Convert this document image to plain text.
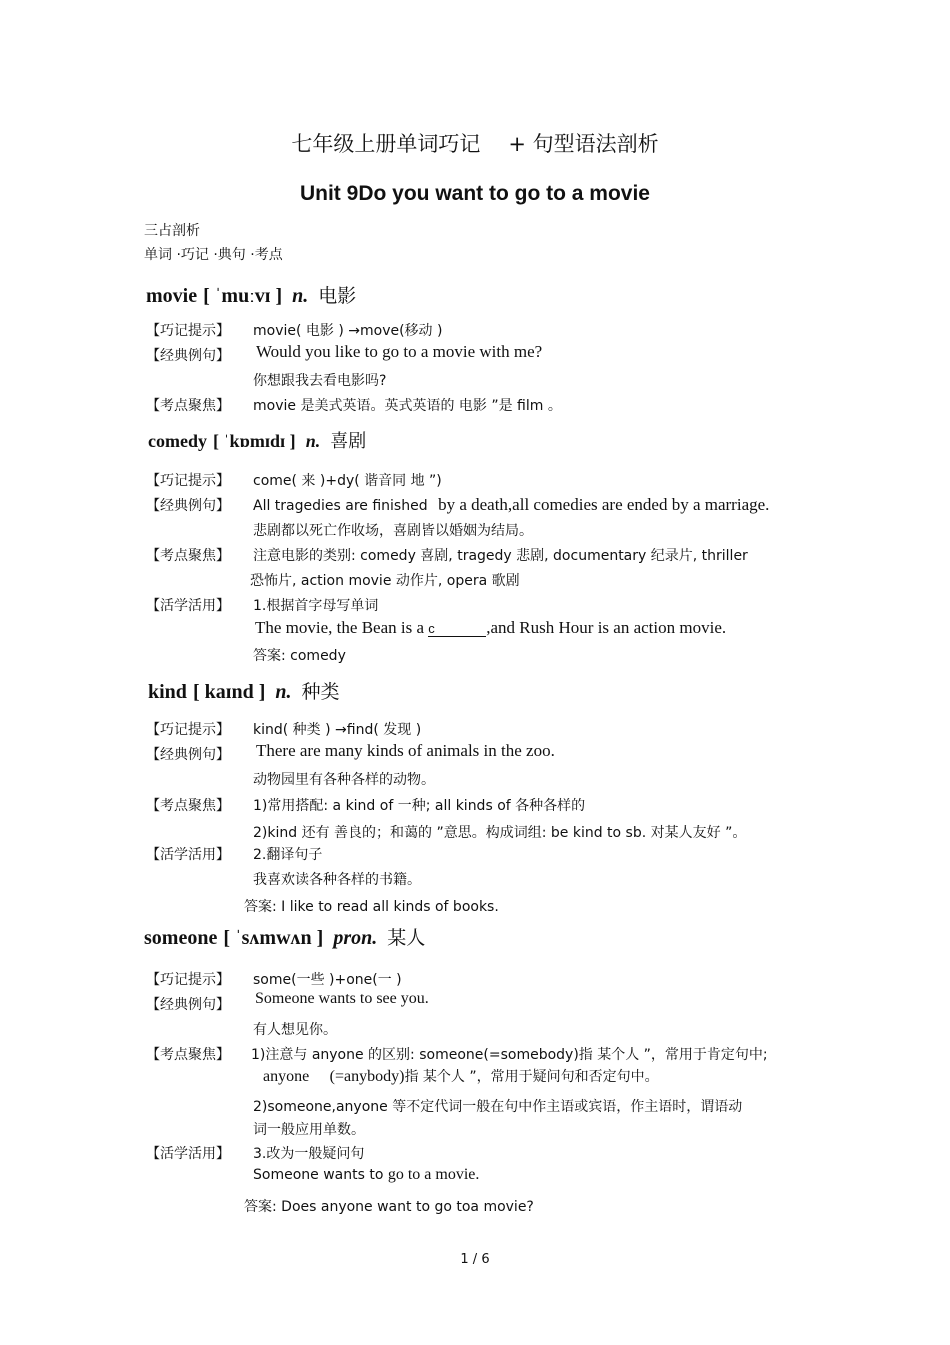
七年级上册单词巧记 + 句型语法剖析
Unit 9Do you want to go to a movie
三占剖析
单词 ·巧记 ·典句 ·考点
movie [ ˈmuːvɪ ] n. 电影
【巧记提示】 movie( 电影 ) →move(移动 )
【经典例句】 Would you like to go to a movie with me?
你想跟我去看电影吗?
【考点聚焦】 movie 是美式英语。英式英语的 电影 ”是 film 。
comedy [ ˈkɒmɪdɪ ] n. 喜剧
【巧记提示】 come( 来 )+dy( 谐音同 地 ”)
【经典例句】 All tragedies are finished by a death,all comedies are ended by a marriage.
悲剧都以死亡作收场，喜剧皆以婚姻为结局。
【考点聚焦】 注意电影的类别: comedy 喜剧, tragedy 悲剧, documentary 纪录片, thriller
恐怖片, action movie 动作片, opera 歌剧
【活学活用】 1.根据首字母写单词
The movie, the Bean is a c	,and Rush Hour is an action movie.
答案: comedy
kind [ kaɪnd ] n. 种类
【巧记提示】 kind( 种类 ) →find( 发现 )
【经典例句】 There are many kinds of animals in the zoo.
动物园里有各种各样的动物。
【考点聚焦】 1)常用搭配: a kind of 一种; all kinds of 各种各样的
2)kind 还有 善良的；和蔼的 ”意思。构成词组: be kind to sb. 对某人友好 ”。
【活学活用】 2.翻译句子
我喜欢读各种各样的书籍。
答案: I like to read all kinds of books.
someone [ ˈsʌmwʌn ] pron. 某人
【巧记提示】 some(一些 )+one(一 )
【经典例句】 Someone wants to see you.
有人想见你。
【考点聚焦】 1)注意与 anyone 的区别: someone(=somebody)指 某个人 ”，常用于肯定句中;
anyone (=anybody)指 某个人 ”，常用于疑问句和否定句中。
2)someone,anyone 等不定代词一般在句中作主语或宾语，作主语时，谓语动
词一般应用单数。
【活学活用】 3.改为一般疑问句
Someone wants to go to a movie.
答案: Does anyone want to go toa movie?
1 / 6
